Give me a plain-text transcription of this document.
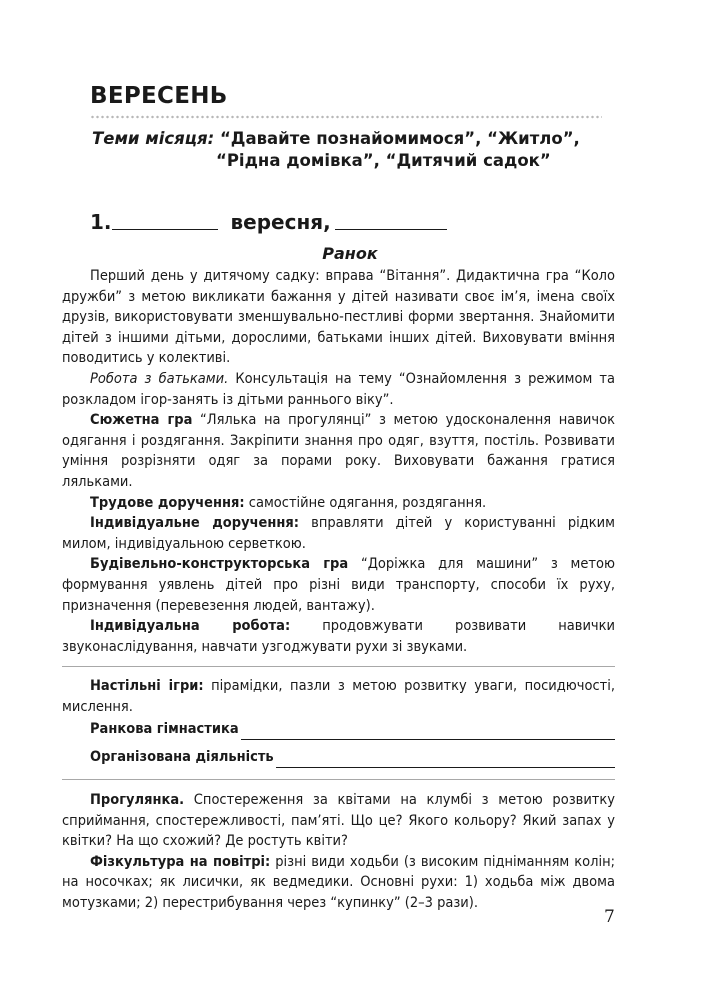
ВЕРЕСЕНЬ

Теми місяця: “Давайте познайомимося”, “Житло”,
“Рідна домівка”, “Дитячий садок”

1.	вересня,
Ранок

Перший день у дитячому садку: вправа “Вітання”. Дидактична гра “Коло дружби” з метою викликати бажання у дітей називати своє ім’я, імена своїх друзів, використовувати зменшувально-пестливі форми звертання. Знайомити дітей з іншими дітьми, дорослими, батьками інших дітей. Виховувати вміння поводитись у колективі.

Робота з батьками. Консультація на тему “Ознайомлення з режимом та розкладом ігор-занять із дітьми раннього віку”.

Сюжетна гра “Лялька на прогулянці” з метою удосконалення навичок одягання і роздягання. Закріпити знання про одяг, взуття, постіль. Розвивати уміння розрізняти одяг за порами року. Виховувати бажання гратися ляльками.

Трудове доручення: самостійне одягання, роздягання.

Індивідуальне доручення: вправляти дітей у користуванні рідким милом, індивідуальною серветкою.

Будівельно-конструкторська гра “Доріжка для машини” з метою формування уявлень дітей про різні види транспорту, способи їх руху, призначення (перевезення людей, вантажу).

Індивідуальна робота: продовжувати розвивати навички звуконаслідування, навчати узгоджувати рухи зі звуками.

Настільні ігри: пірамідки, пазли з метою розвитку уваги, посидючості, мислення.

Ранкова гімнастика
Організована діяльність

Прогулянка. Спостереження за квітами на клумбі з метою розвитку сприймання, спостережливості, пам’яті. Що це? Якого кольору? Який запах у квітки? На що схожий? Де ростуть квіти?

Фізкультура на повітрі: різні види ходьби (з високим підніманням колін; на носочках; як лисички, як ведмедики. Основні рухи: 1) ходьба між двома мотузками; 2) перестрибування через “купинку” (2–3 рази).

7
